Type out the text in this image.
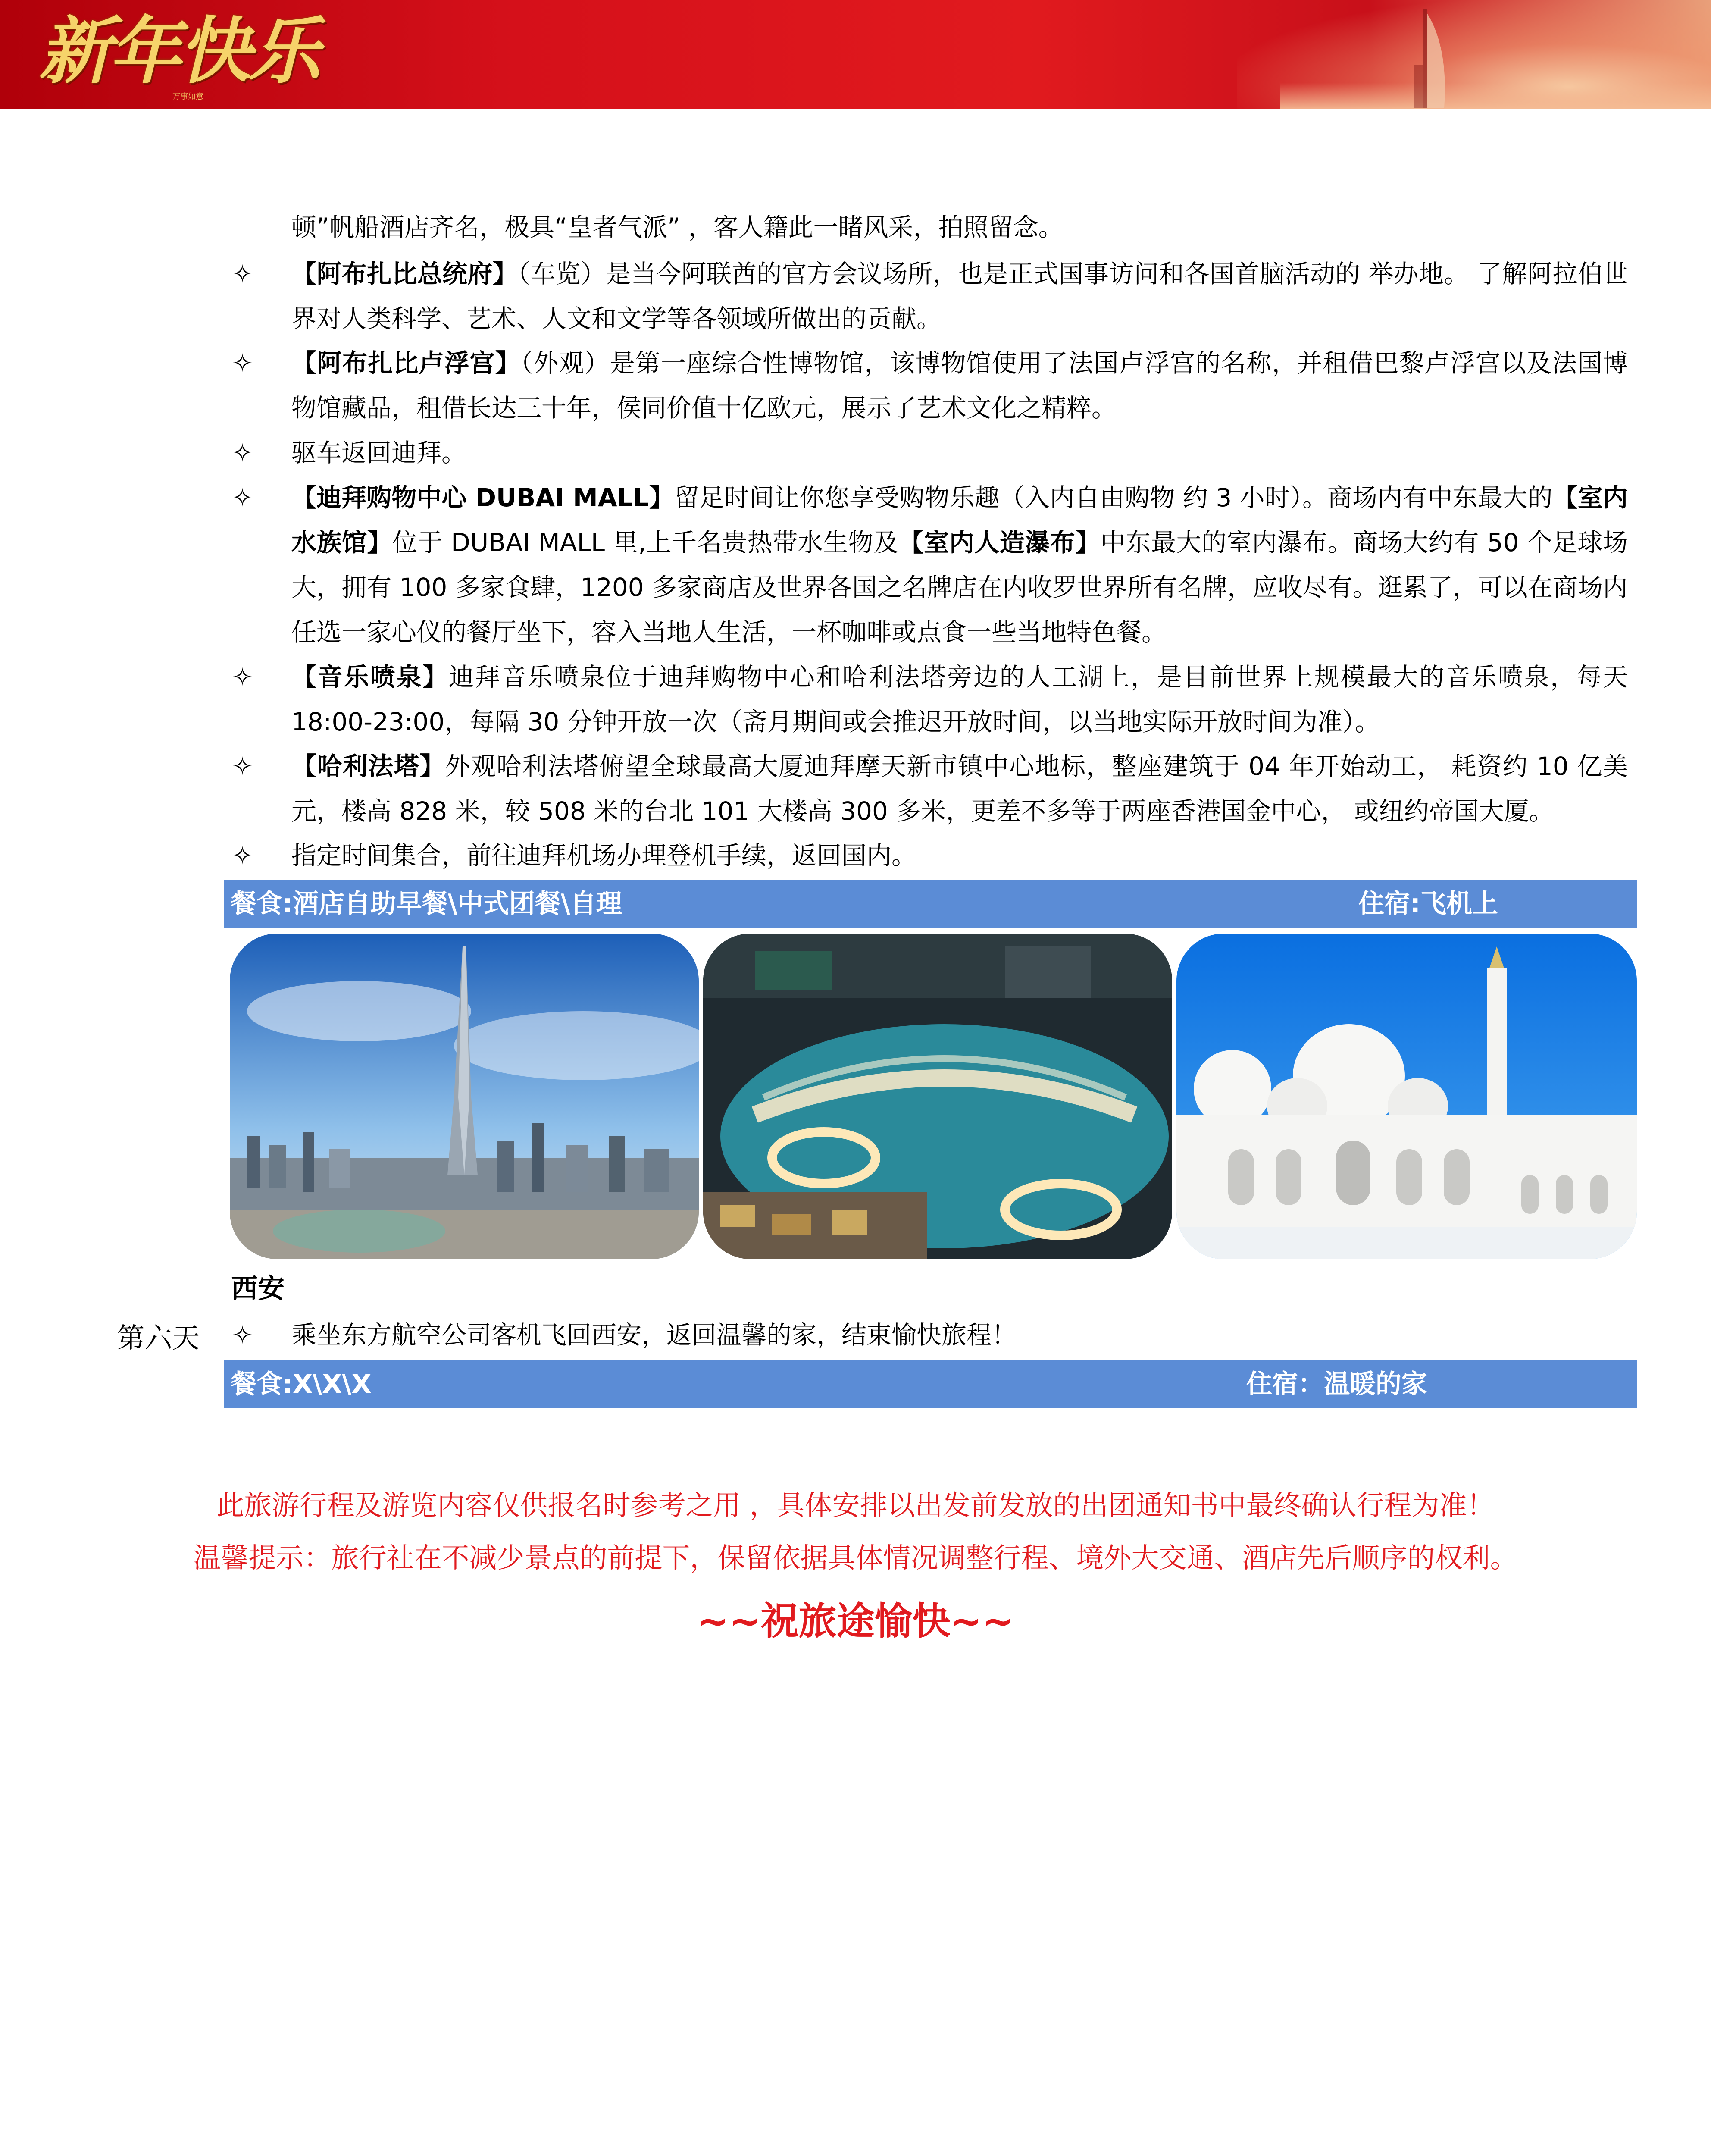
新年快乐
万事如意
顿”帆船酒店齐名，极具“皇者气派” ，客人籍此一睹风采，拍照留念。
✧ 【阿布扎比总统府】（车览）是当今阿联酋的官方会议场所，也是正式国事访问和各国首脑活动的 举办地。 了解阿拉伯世界对人类科学、艺术、人文和文学等各领域所做出的贡献。
✧ 【阿布扎比卢浮宫】（外观）是第一座综合性博物馆，该博物馆使用了法国卢浮宫的名称，并租借巴黎卢浮宫以及法国博物馆藏品，租借长达三十年，侯同价值十亿欧元，展示了艺术文化之精粹。
✧ 驱车返回迪拜。
✧ 【迪拜购物中心 DUBAI MALL】留足时间让你您享受购物乐趣（入内自由购物 约 3 小时）。商场内有中东最大的【室内水族馆】位于 DUBAI MALL 里,上千名贵热带水生物及【室内人造瀑布】中东最大的室内瀑布。商场大约有 50 个足球场大，拥有 100 多家食肆，1200 多家商店及世界各国之名牌店在内收罗世界所有名牌，应收尽有。逛累了，可以在商场内任选一家心仪的餐厅坐下，容入当地人生活，一杯咖啡或点食一些当地特色餐。
✧ 【音乐喷泉】迪拜音乐喷泉位于迪拜购物中心和哈利法塔旁边的人工湖上，是目前世界上规模最大的音乐喷泉，每天 18:00-23:00，每隔 30 分钟开放一次（斋月期间或会推迟开放时间，以当地实际开放时间为准）。
✧ 【哈利法塔】外观哈利法塔俯望全球最高大厦迪拜摩天新市镇中心地标，整座建筑于 04 年开始动工， 耗资约 10 亿美元，楼高 828 米，较 508 米的台北 101 大楼高 300 多米，更差不多等于两座香港国金中心， 或纽约帝国大厦。
✧ 指定时间集合，前往迪拜机场办理登机手续，返回国内。
餐食:酒店自助早餐\中式团餐\自理	住宿:飞机上
第六天
西安
✧ 乘坐东方航空公司客机飞回西安，返回温馨的家，结束愉快旅程！
餐食:X\X\X	住宿：温暖的家
此旅游行程及游览内容仅供报名时参考之用 ，具体安排以出发前发放的出团通知书中最终确认行程为准！
温馨提示：旅行社在不减少景点的前提下，保留依据具体情况调整行程、境外大交通、酒店先后顺序的权利。
~~祝旅途愉快~~
